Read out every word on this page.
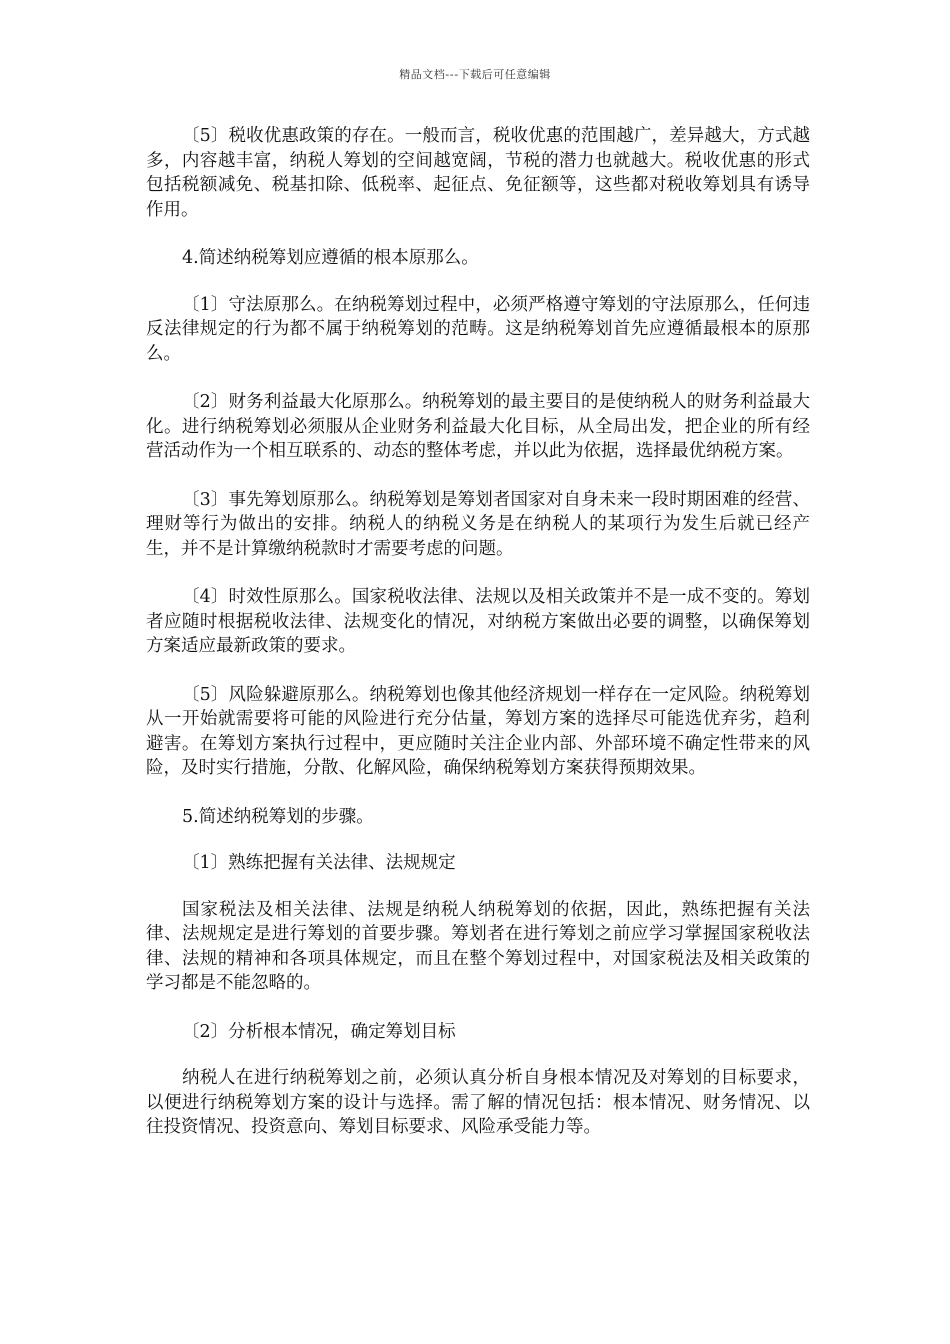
精品文档---下载后可任意编辑

〔5〕税收优惠政策的存在。一般而言，税收优惠的范围越广，差异越大，方式越多，内容越丰富，纳税人筹划的空间越宽阔，节税的潜力也就越大。税收优惠的形式包括税额减免、税基扣除、低税率、起征点、免征额等，这些都对税收筹划具有诱导作用。

4.简述纳税筹划应遵循的根本原那么。

〔1〕守法原那么。在纳税筹划过程中，必须严格遵守筹划的守法原那么，任何违反法律规定的行为都不属于纳税筹划的范畴。这是纳税筹划首先应遵循最根本的原那么。

〔2〕财务利益最大化原那么。纳税筹划的最主要目的是使纳税人的财务利益最大化。进行纳税筹划必须服从企业财务利益最大化目标，从全局出发，把企业的所有经营活动作为一个相互联系的、动态的整体考虑，并以此为依据，选择最优纳税方案。

〔3〕事先筹划原那么。纳税筹划是筹划者国家对自身未来一段时期困难的经营、理财等行为做出的安排。纳税人的纳税义务是在纳税人的某项行为发生后就已经产生，并不是计算缴纳税款时才需要考虑的问题。

〔4〕时效性原那么。国家税收法律、法规以及相关政策并不是一成不变的。筹划者应随时根据税收法律、法规变化的情况，对纳税方案做出必要的调整，以确保筹划方案适应最新政策的要求。

〔5〕风险躲避原那么。纳税筹划也像其他经济规划一样存在一定风险。纳税筹划从一开始就需要将可能的风险进行充分估量，筹划方案的选择尽可能选优弃劣，趋利避害。在筹划方案执行过程中，更应随时关注企业内部、外部环境不确定性带来的风险，及时实行措施，分散、化解风险，确保纳税筹划方案获得预期效果。

5.简述纳税筹划的步骤。

〔1〕熟练把握有关法律、法规规定

国家税法及相关法律、法规是纳税人纳税筹划的依据，因此，熟练把握有关法律、法规规定是进行筹划的首要步骤。筹划者在进行筹划之前应学习掌握国家税收法律、法规的精神和各项具体规定，而且在整个筹划过程中，对国家税法及相关政策的学习都是不能忽略的。

〔2〕分析根本情况，确定筹划目标

纳税人在进行纳税筹划之前，必须认真分析自身根本情况及对筹划的目标要求，以便进行纳税筹划方案的设计与选择。需了解的情况包括：根本情况、财务情况、以往投资情况、投资意向、筹划目标要求、风险承受能力等。
